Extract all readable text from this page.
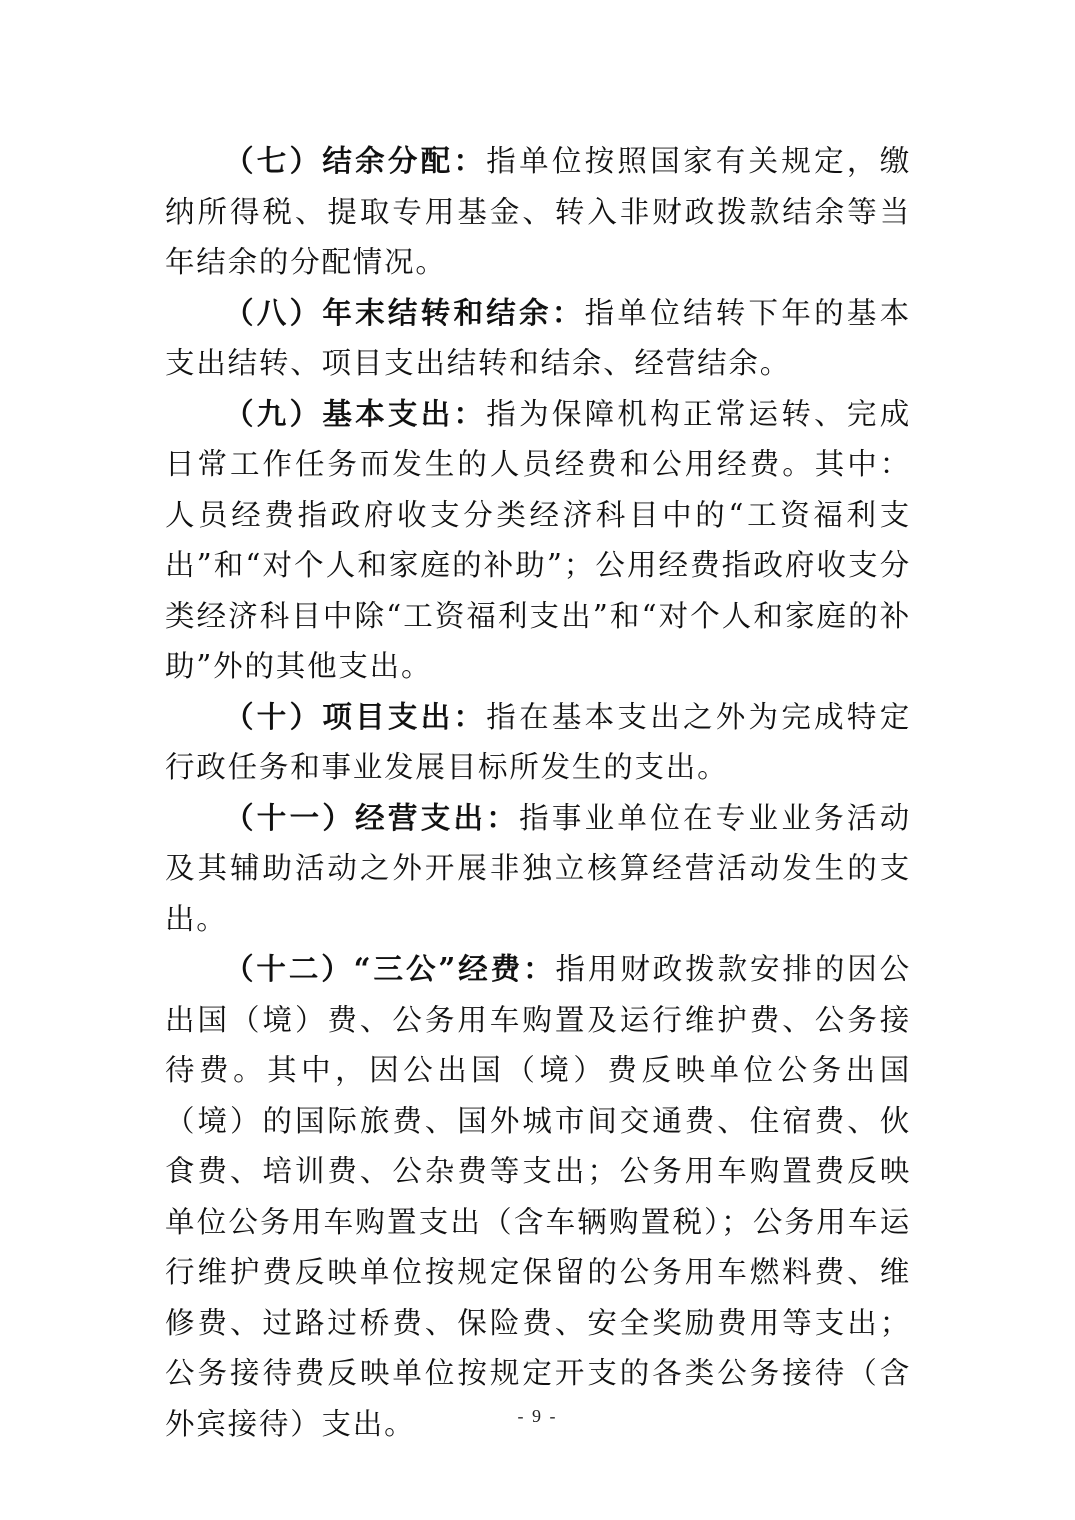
（七）结余分配：指单位按照国家有关规定，缴纳所得税、提取专用基金、转入非财政拨款结余等当年结余的分配情况。

（八）年末结转和结余：指单位结转下年的基本支出结转、项目支出结转和结余、经营结余。

（九）基本支出：指为保障机构正常运转、完成日常工作任务而发生的人员经费和公用经费。其中：人员经费指政府收支分类经济科目中的“工资福利支出”和“对个人和家庭的补助”；公用经费指政府收支分类经济科目中除“工资福利支出”和“对个人和家庭的补助”外的其他支出。

（十）项目支出：指在基本支出之外为完成特定行政任务和事业发展目标所发生的支出。

（十一）经营支出：指事业单位在专业业务活动及其辅助活动之外开展非独立核算经营活动发生的支出。

（十二）“三公”经费：指用财政拨款安排的因公出国（境）费、公务用车购置及运行维护费、公务接待费。其中，因公出国（境）费反映单位公务出国（境）的国际旅费、国外城市间交通费、住宿费、伙食费、培训费、公杂费等支出；公务用车购置费反映单位公务用车购置支出（含车辆购置税）；公务用车运行维护费反映单位按规定保留的公务用车燃料费、维修费、过路过桥费、保险费、安全奖励费用等支出；公务接待费反映单位按规定开支的各类公务接待（含外宾接待）支出。	- 9 -
